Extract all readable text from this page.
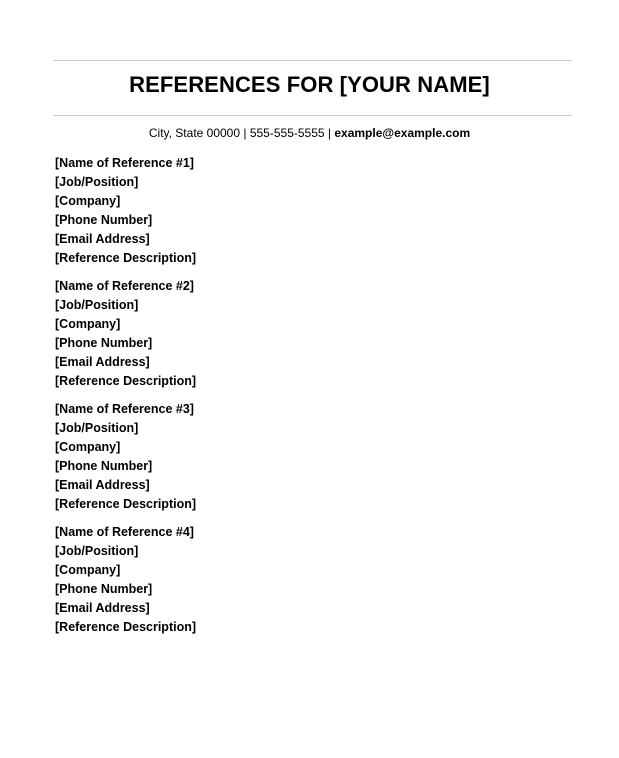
REFERENCES FOR [YOUR NAME]
City, State 00000 | 555-555-5555 | example@example.com
[Name of Reference #1]
[Job/Position]
[Company]
[Phone Number]
[Email Address]
[Reference Description]
[Name of Reference #2]
[Job/Position]
[Company]
[Phone Number]
[Email Address]
[Reference Description]
[Name of Reference #3]
[Job/Position]
[Company]
[Phone Number]
[Email Address]
[Reference Description]
[Name of Reference #4]
[Job/Position]
[Company]
[Phone Number]
[Email Address]
[Reference Description]
